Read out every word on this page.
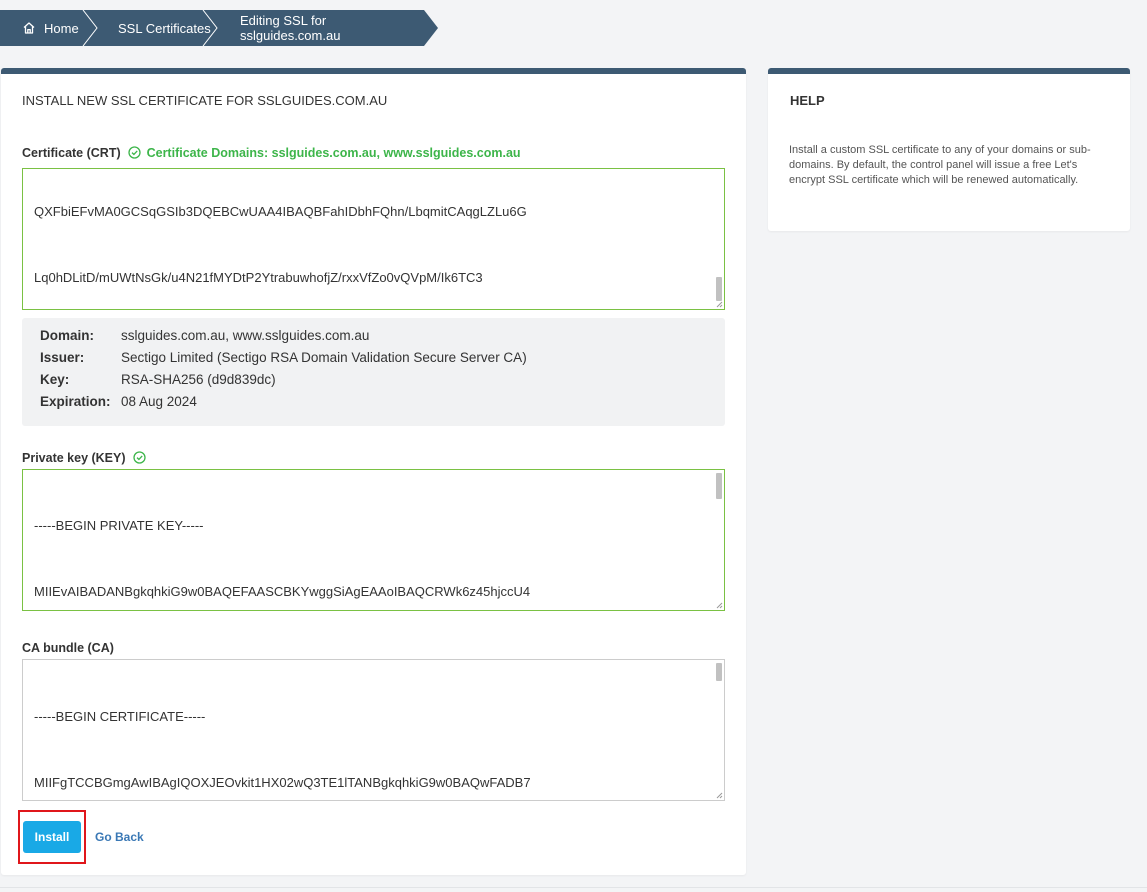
Home	SSL Certificates Editing SSL for sslguides.com.au
INSTALL NEW SSL CERTIFICATE FOR SSLGUIDES.COM.AU
Certificate (CRT) Certificate Domains: sslguides.com.au, www.sslguides.com.au

QXFbiEFvMA0GCSqGSIb3DQEBCwUAA4IBAQBFahIDbhFQhn/LbqmitCAqgLZLu6G

Lq0hDLitD/mUWtNsGk/u4N21fMYDtP2YtrabuwhofjZ/rxxVfZo0vQVpM/Ik6TC3

Domain: sslguides.com.au, www.sslguides.com.au
Issuer:	Sectigo Limited (Sectigo RSA Domain Validation Secure Server CA)
Key:	RSA-SHA256 (d9d839dc)
Expiration: 08 Aug 2024
Private key (KEY)

-----BEGIN PRIVATE KEY-----

MIIEvAIBADANBgkqhkiG9w0BAQEFAASCBKYwggSiAgEAAoIBAQCRWk6z45hjccU4

CA bundle (CA)

-----BEGIN CERTIFICATE-----

MIIFgTCCBGmgAwIBAgIQOXJEOvkit1HX02wQ3TE1lTANBgkqhkiG9w0BAQwFADB7

Install	Go Back
HELP
Install a custom SSL certificate to any of your domains or sub-domains. By default, the control panel will issue a free Let's encrypt SSL certificate which will be renewed automatically.
